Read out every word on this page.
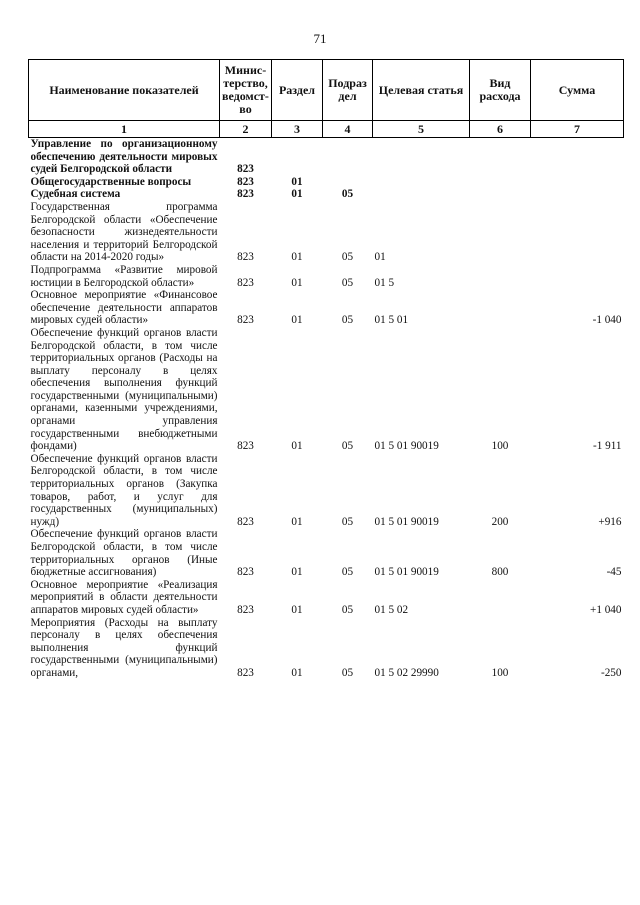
71
Наименование показателей	Минис-терство, ведомст-во	Раздел	Подраз дел	Целевая статья	Вид расхода	Сумма
1	2	3	4	5	6	7
Управление по организационному обеспечению деятельности мировых судей Белгородской области	823					
Общегосударственные вопросы	823	01				
Судебная система	823	01	05			
Государственная программа Белгородской области «Обеспечение безопасности жизнедеятельности населения и территорий Белгородской области на 2014-2020 годы»	823	01	05	01		
Подпрограмма «Развитие мировой юстиции в Белгородской области»	823	01	05	01 5		
Основное мероприятие «Финансовое обеспечение деятельности аппаратов мировых судей области»	823	01	05	01 5 01		-1 040
Обеспечение функций органов власти Белгородской области, в том числе территориальных органов (Расходы на выплату персоналу в целях обеспечения выполнения функций государственными (муниципальными) органами, казенными учреждениями, органами управления государственными внебюджетными фондами)	823	01	05	01 5 01 90019	100	-1 911
Обеспечение функций органов власти Белгородской области, в том числе территориальных органов (Закупка товаров, работ, и услуг для государственных (муниципальных) нужд)	823	01	05	01 5 01 90019	200	+916
Обеспечение функций органов власти Белгородской области, в том числе территориальных органов (Иные бюджетные ассигнования)	823	01	05	01 5 01 90019	800	-45
Основное мероприятие «Реализация мероприятий в области деятельности аппаратов мировых судей области»	823	01	05	01 5 02		+1 040
Мероприятия (Расходы на выплату персоналу в целях обеспечения выполнения функций государственными (муниципальными) органами,	823	01	05	01 5 02 29990	100	-250
